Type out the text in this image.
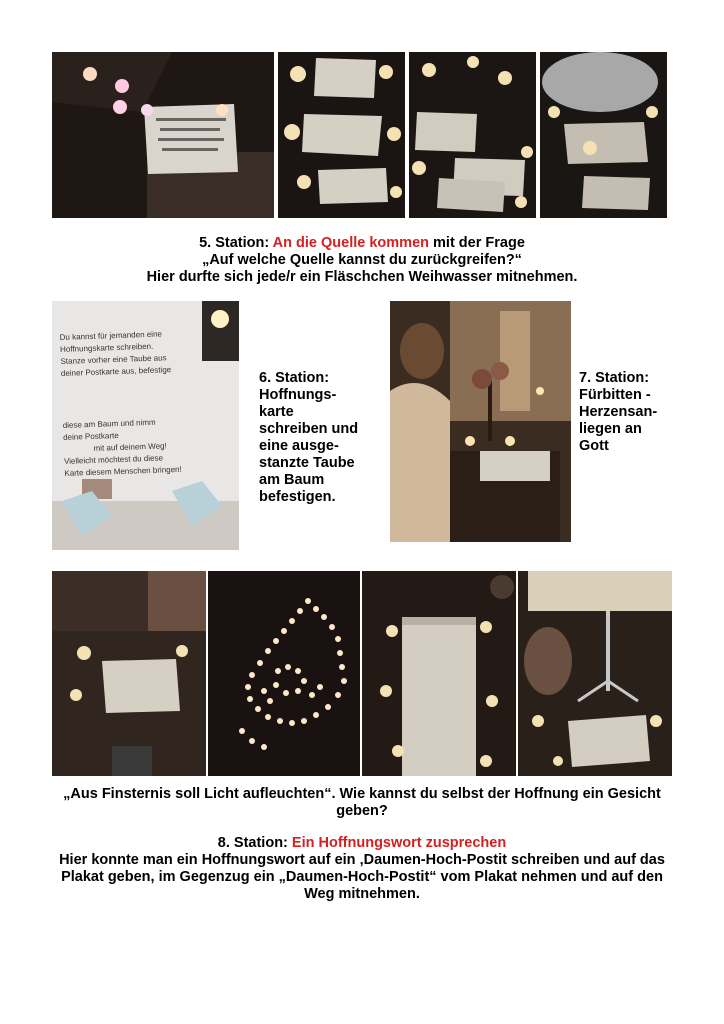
5. Station: An die Quelle kommen mit der Frage
„Auf welche Quelle kannst du zurückgreifen?“
Hier durfte sich jede/r ein Fläschchen Weihwasser mitnehmen.
Du kannst für jemanden eine
Hoffnungskarte schreiben.
Stanze vorher eine Taube aus
deiner Postkarte aus, befestige
diese am Baum und nimm
deine Postkarte
mit auf deinem Weg!
Vielleicht möchtest du diese
Karte diesem Menschen bringen!
6. Station:
Hoffnungs-
karte
schreiben und
eine ausge-
stanzte Taube
am Baum
befestigen.
7. Station:
Fürbitten -
Herzensan-
liegen an
Gott
„Aus Finsternis soll Licht aufleuchten“. Wie kannst du selbst der Hoffnung ein Gesicht
geben?
8. Station: Ein Hoffnungswort zusprechen
Hier konnte man ein Hoffnungswort auf ein ‚Daumen-Hoch-Postit schreiben und auf das
Plakat geben, im Gegenzug ein „Daumen-Hoch-Postit“ vom Plakat nehmen und auf den
Weg mitnehmen.
